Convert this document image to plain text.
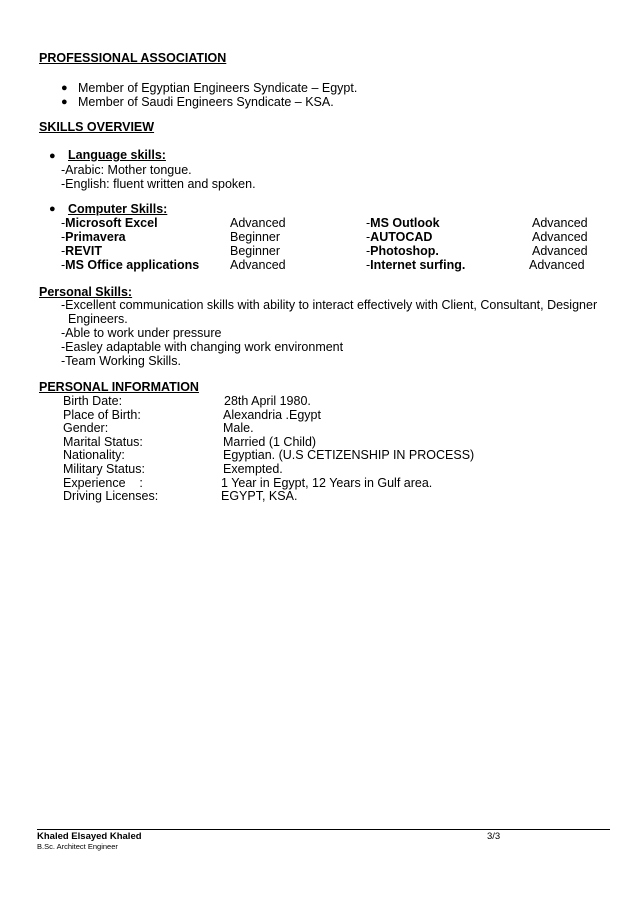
PROFESSIONAL ASSOCIATION
● Member of Egyptian Engineers Syndicate – Egypt.
● Member of Saudi Engineers Syndicate – KSA.
SKILLS OVERVIEW
● Language skills:
-Arabic: Mother tongue.
-English: fluent written and spoken.
● Computer Skills:
-Microsoft Excel	Advanced	-MS Outlook	Advanced
-Primavera	Beginner	-AUTOCAD	Advanced
-REVIT	Beginner	-Photoshop.	Advanced
-MS Office applications Advanced	-Internet surfing.	Advanced
Personal Skills:
-Excellent communication skills with ability to interact effectively with Client, Consultant, Designer
Engineers.
-Able to work under pressure
-Easley adaptable with changing work environment
-Team Working Skills.
PERSONAL INFORMATION
Birth Date:	28th April 1980.
Place of Birth:	Alexandria .Egypt
Gender:	Male.
Marital Status:	Married (1 Child)
Nationality:	Egyptian. (U.S CETIZENSHIP IN PROCESS)
Military Status:	Exempted.
Experience    :	1 Year in Egypt, 12 Years in Gulf area.
Driving Licenses:	EGYPT, KSA.
Khaled Elsayed Khaled
B.Sc. Architect Engineer
3/3
